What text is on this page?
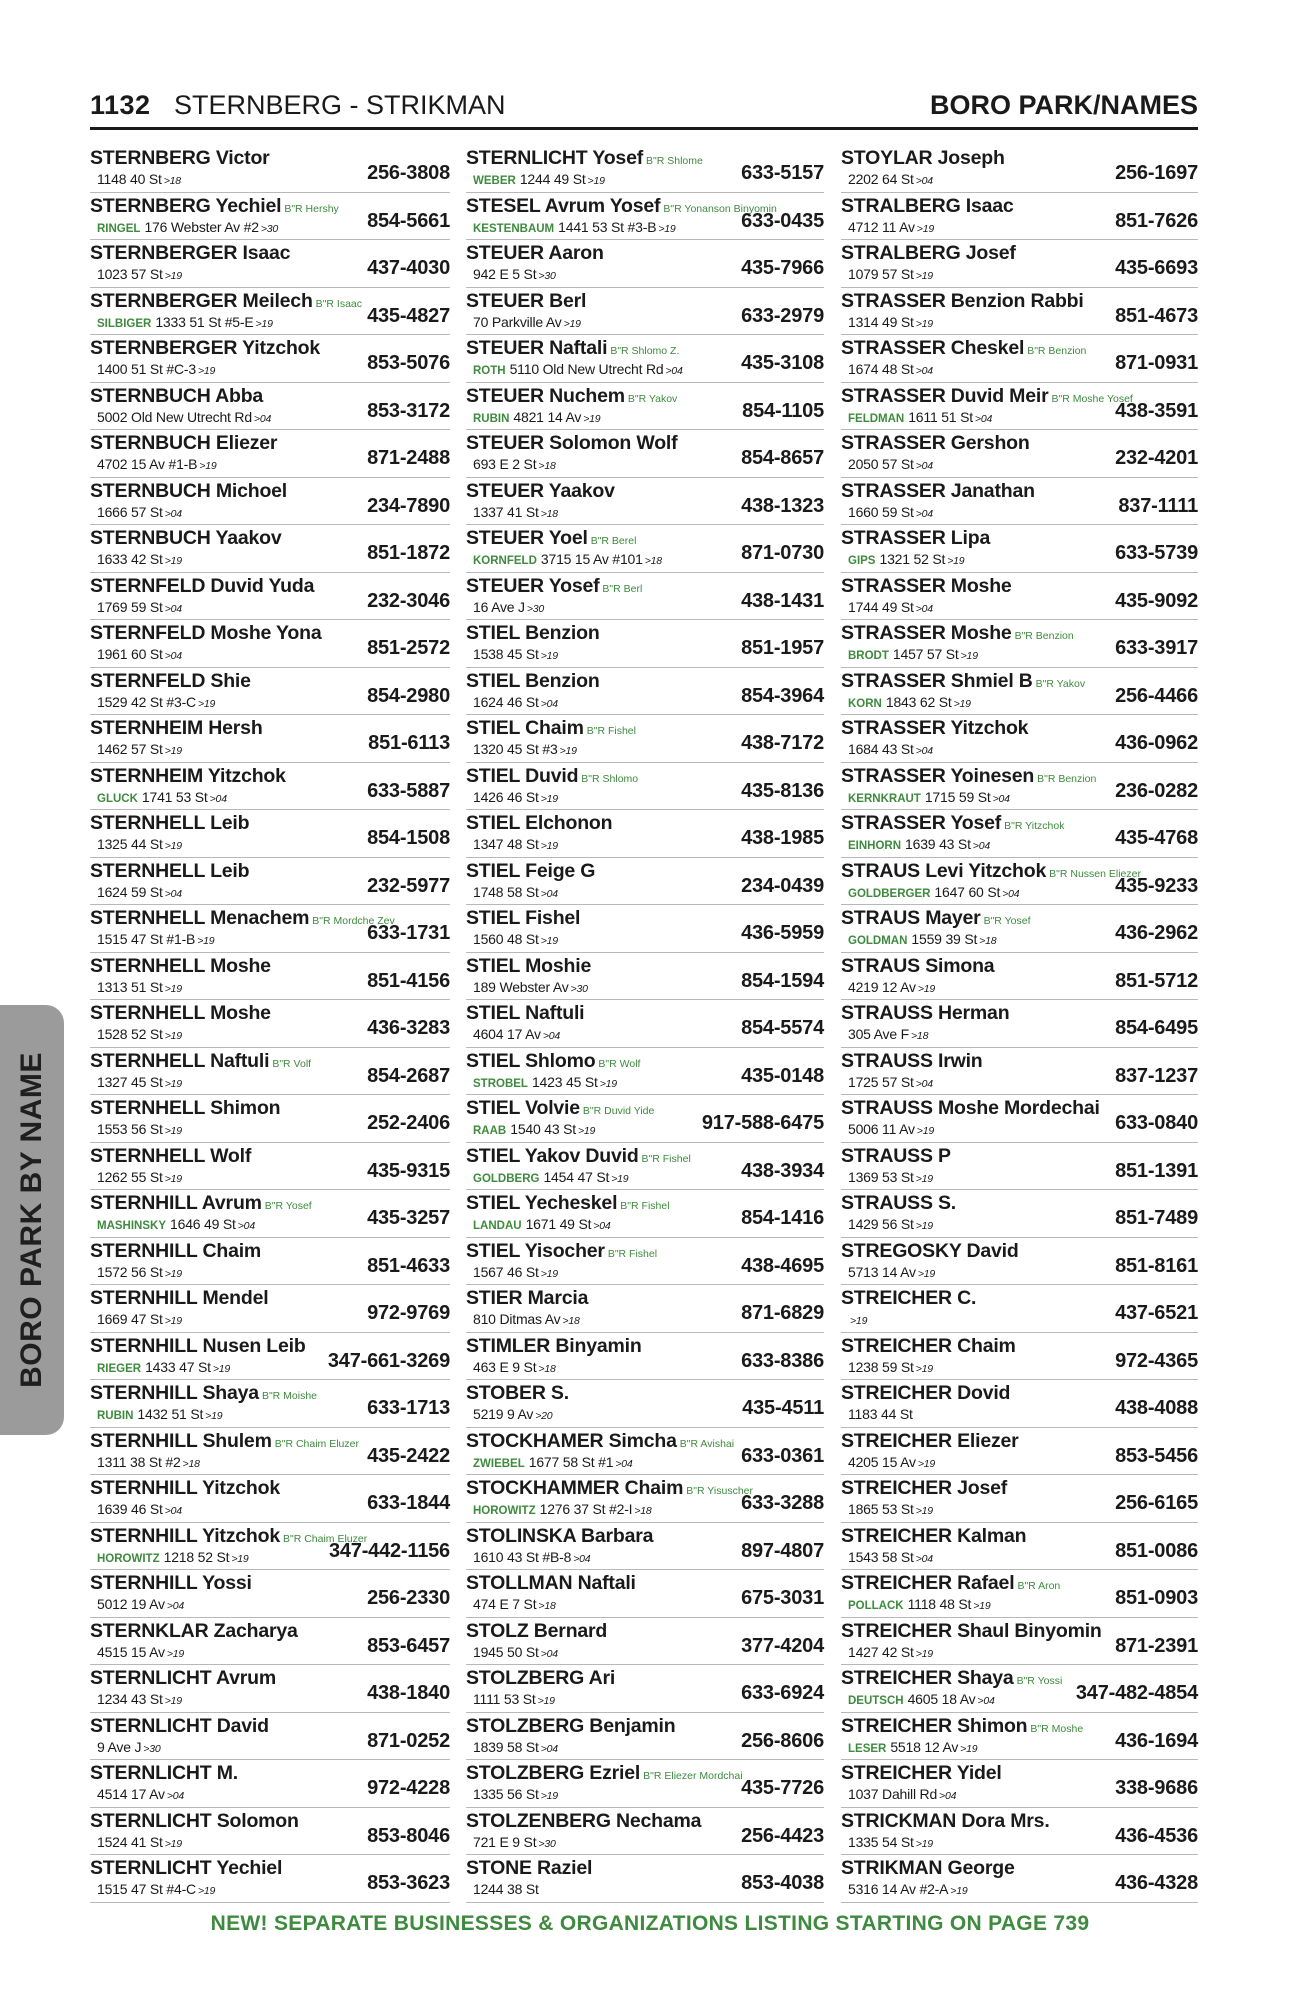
1132 STERNBERG - STRIKMAN	BORO PARK/NAMES
STERNBERG Victor
1148 40 St >18	256-3808
STERNBERG Yechiel B"R Hershy
RINGEL 176 Webster Av #2 >30	854-5661
STERNBERGER Isaac
1023 57 St >19	437-4030
STERNBERGER Meilech B"R Isaac
SILBIGER 1333 51 St #5-E >19	435-4827
STERNBERGER Yitzchok
1400 51 St #C-3 >19	853-5076
STERNBUCH Abba
5002 Old New Utrecht Rd >04	853-3172
STERNBUCH Eliezer
4702 15 Av #1-B >19	871-2488
STERNBUCH Michoel
1666 57 St >04	234-7890
STERNBUCH Yaakov
1633 42 St >19	851-1872
STERNFELD Duvid Yuda
1769 59 St >04	232-3046
STERNFELD Moshe Yona
1961 60 St >04	851-2572
STERNFELD Shie
1529 42 St #3-C >19	854-2980
STERNHEIM Hersh
1462 57 St >19	851-6113
STERNHEIM Yitzchok
GLUCK 1741 53 St >04	633-5887
STERNHELL Leib
1325 44 St >19	854-1508
STERNHELL Leib
1624 59 St >04	232-5977
STERNHELL Menachem B"R Mordche Zev
1515 47 St #1-B >19	633-1731
STERNHELL Moshe
1313 51 St >19	851-4156
STERNHELL Moshe
1528 52 St >19	436-3283
STERNHELL Naftuli B"R Volf
1327 45 St >19	854-2687
STERNHELL Shimon
1553 56 St >19	252-2406
STERNHELL Wolf
1262 55 St >19	435-9315
STERNHILL Avrum B"R Yosef
MASHINSKY 1646 49 St >04	435-3257
STERNHILL Chaim
1572 56 St >19	851-4633
STERNHILL Mendel
1669 47 St >19	972-9769
STERNHILL Nusen Leib
RIEGER 1433 47 St >19	347-661-3269
STERNHILL Shaya B"R Moishe
RUBIN 1432 51 St >19	633-1713
STERNHILL Shulem B"R Chaim Eluzer
1311 38 St #2 >18	435-2422
STERNHILL Yitzchok
1639 46 St >04	633-1844
STERNHILL Yitzchok B"R Chaim Eluzer
HOROWITZ 1218 52 St >19	347-442-1156
STERNHILL Yossi
5012 19 Av >04	256-2330
STERNKLAR Zacharya
4515 15 Av >19	853-6457
STERNLICHT Avrum
1234 43 St >19	438-1840
STERNLICHT David
9 Ave J >30	871-0252
STERNLICHT M.
4514 17 Av >04	972-4228
STERNLICHT Solomon
1524 41 St >19	853-8046
STERNLICHT Yechiel
1515 47 St #4-C >19	853-3623
STERNLICHT Yosef B"R Shlome
WEBER 1244 49 St >19	633-5157
STESEL Avrum Yosef B"R Yonanson Binyomin
KESTENBAUM 1441 53 St #3-B >19	633-0435
STEUER Aaron
942 E 5 St >30	435-7966
STEUER Berl
70 Parkville Av >19	633-2979
STEUER Naftali B"R Shlomo Z.
ROTH 5110 Old New Utrecht Rd >04	435-3108
STEUER Nuchem B"R Yakov
RUBIN 4821 14 Av >19	854-1105
STEUER Solomon Wolf
693 E 2 St >18	854-8657
STEUER Yaakov
1337 41 St >18	438-1323
STEUER Yoel B"R Berel
KORNFELD 3715 15 Av #101 >18	871-0730
STEUER Yosef B"R Berl
16 Ave J >30	438-1431
STIEL Benzion
1538 45 St >19	851-1957
STIEL Benzion
1624 46 St >04	854-3964
STIEL Chaim B"R Fishel
1320 45 St #3 >19	438-7172
STIEL Duvid B"R Shlomo
1426 46 St >19	435-8136
STIEL Elchonon
1347 48 St >19	438-1985
STIEL Feige G
1748 58 St >04	234-0439
STIEL Fishel
1560 48 St >19	436-5959
STIEL Moshie
189 Webster Av >30	854-1594
STIEL Naftuli
4604 17 Av >04	854-5574
STIEL Shlomo B"R Wolf
STROBEL 1423 45 St >19	435-0148
STIEL Volvie B"R Duvid Yide
RAAB 1540 43 St >19	917-588-6475
STIEL Yakov Duvid B"R Fishel
GOLDBERG 1454 47 St >19	438-3934
STIEL Yecheskel B"R Fishel
LANDAU 1671 49 St >04	854-1416
STIEL Yisocher B"R Fishel
1567 46 St >19	438-4695
STIER Marcia
810 Ditmas Av >18	871-6829
STIMLER Binyamin
463 E 9 St >18	633-8386
STOBER S.
5219 9 Av >20	435-4511
STOCKHAMER Simcha B"R Avishai
ZWIEBEL 1677 58 St #1 >04	633-0361
STOCKHAMMER Chaim B"R Yisuscher
HOROWITZ 1276 37 St #2-I >18	633-3288
STOLINSKA Barbara
1610 43 St #B-8 >04	897-4807
STOLLMAN Naftali
474 E 7 St >18	675-3031
STOLZ Bernard
1945 50 St >04	377-4204
STOLZBERG Ari
1111 53 St >19	633-6924
STOLZBERG Benjamin
1839 58 St >04	256-8606
STOLZBERG Ezriel B"R Eliezer Mordchai
1335 56 St >19	435-7726
STOLZENBERG Nechama
721 E 9 St >30	256-4423
STONE Raziel
1244 38 St	853-4038
STOYLAR Joseph
2202 64 St >04	256-1697
STRALBERG Isaac
4712 11 Av >19	851-7626
STRALBERG Josef
1079 57 St >19	435-6693
STRASSER Benzion Rabbi
1314 49 St >19	851-4673
STRASSER Cheskel B"R Benzion
1674 48 St >04	871-0931
STRASSER Duvid Meir B"R Moshe Yosef
FELDMAN 1611 51 St >04	438-3591
STRASSER Gershon
2050 57 St >04	232-4201
STRASSER Janathan
1660 59 St >04	837-1111
STRASSER Lipa
GIPS 1321 52 St >19	633-5739
STRASSER Moshe
1744 49 St >04	435-9092
STRASSER Moshe B"R Benzion
BRODT 1457 57 St >19	633-3917
STRASSER Shmiel B B"R Yakov
KORN 1843 62 St >19	256-4466
STRASSER Yitzchok
1684 43 St >04	436-0962
STRASSER Yoinesen B"R Benzion
KERNKRAUT 1715 59 St >04	236-0282
STRASSER Yosef B"R Yitzchok
EINHORN 1639 43 St >04	435-4768
STRAUS Levi Yitzchok B"R Nussen Eliezer
GOLDBERGER 1647 60 St >04	435-9233
STRAUS Mayer B"R Yosef
GOLDMAN 1559 39 St >18	436-2962
STRAUS Simona
4219 12 Av >19	851-5712
STRAUSS Herman
305 Ave F >18	854-6495
STRAUSS Irwin
1725 57 St >04	837-1237
STRAUSS Moshe Mordechai
5006 11 Av >19	633-0840
STRAUSS P
1369 53 St >19	851-1391
STRAUSS S.
1429 56 St >19	851-7489
STREGOSKY David
5713 14 Av >19	851-8161
STREICHER C.
>19	437-6521
STREICHER Chaim
1238 59 St >19	972-4365
STREICHER Dovid
1183 44 St	438-4088
STREICHER Eliezer
4205 15 Av >19	853-5456
STREICHER Josef
1865 53 St >19	256-6165
STREICHER Kalman
1543 58 St >04	851-0086
STREICHER Rafael B"R Aron
POLLACK 1118 48 St >19	851-0903
STREICHER Shaul Binyomin
1427 42 St >19	871-2391
STREICHER Shaya B"R Yossi
DEUTSCH 4605 18 Av >04	347-482-4854
STREICHER Shimon B"R Moshe
LESER 5518 12 Av >19	436-1694
STREICHER Yidel
1037 Dahill Rd >04	338-9686
STRICKMAN Dora Mrs.
1335 54 St >19	436-4536
STRIKMAN George
5316 14 Av #2-A >19	436-4328
BORO PARK BY NAME
NEW! SEPARATE BUSINESSES & ORGANIZATIONS LISTING STARTING ON PAGE 739
